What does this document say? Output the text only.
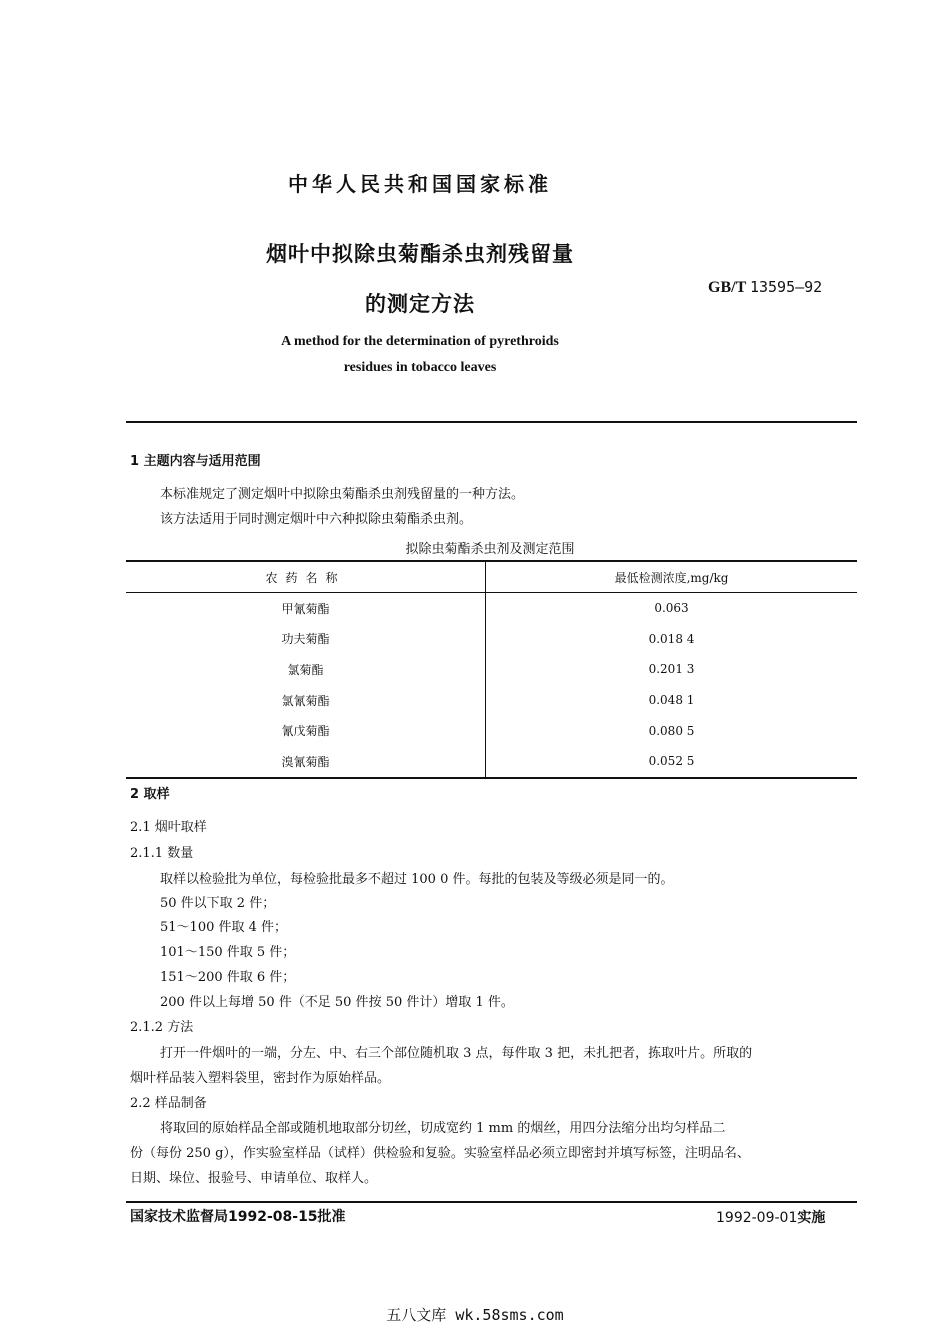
中华人民共和国国家标准
烟叶中拟除虫菊酯杀虫剂残留量
的测定方法
GB/T 13595—92
A method for the determination of pyrethroids
residues in tobacco leaves
1 主题内容与适用范围
本标准规定了测定烟叶中拟除虫菊酯杀虫剂残留量的一种方法。
该方法适用于同时测定烟叶中六种拟除虫菊酯杀虫剂。
拟除虫菊酯杀虫剂及测定范围
农药名称	最低检测浓度,mg/kg
甲氰菊酯	0.063
功夫菊酯	0.018 4
氯菊酯	0.201 3
氯氰菊酯	0.048 1
氰戊菊酯	0.080 5
溴氰菊酯	0.052 5
2 取样
2.1 烟叶取样
2.1.1 数量
取样以检验批为单位，每检验批最多不超过 100 0 件。每批的包装及等级必须是同一的。
50 件以下取 2 件；
51～100 件取 4 件；
101～150 件取 5 件；
151～200 件取 6 件；
200 件以上每增 50 件（不足 50 件按 50 件计）增取 1 件。
2.1.2 方法
打开一件烟叶的一端，分左、中、右三个部位随机取 3 点，每件取 3 把，未扎把者，拣取叶片。所取的
烟叶样品装入塑料袋里，密封作为原始样品。
2.2 样品制备
将取回的原始样品全部或随机地取部分切丝，切成宽约 1 mm 的烟丝，用四分法缩分出均匀样品二
份（每份 250 g），作实验室样品（试样）供检验和复验。实验室样品必须立即密封并填写标签，注明品名、
日期、垛位、报验号、申请单位、取样人。
国家技术监督局1992-08-15批准	1992-09-01实施
五八文库 wk.58sms.com
